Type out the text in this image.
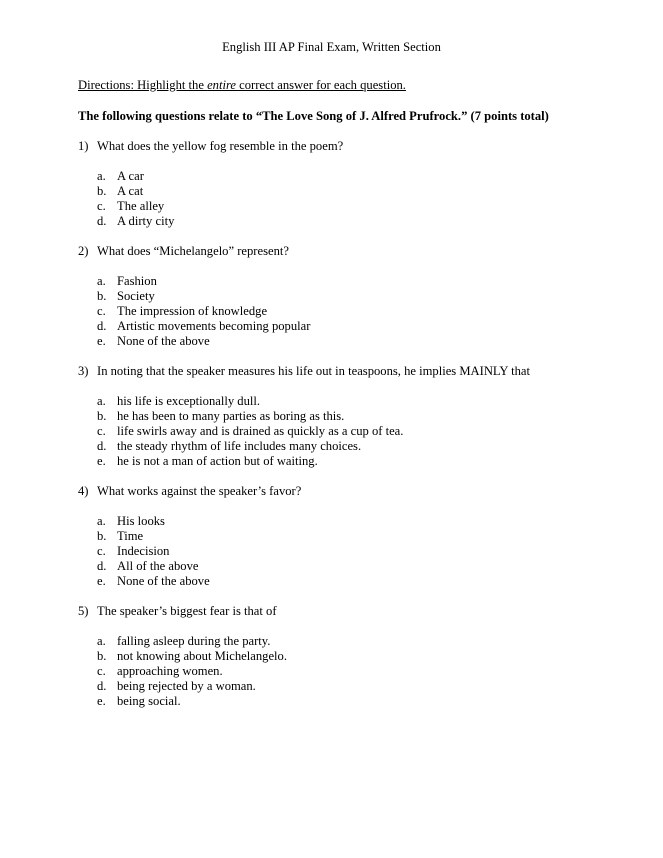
English III AP Final Exam, Written Section
Directions: Highlight the entire correct answer for each question.
The following questions relate to “The Love Song of J. Alfred Prufrock.” (7 points total)
1) What does the yellow fog resemble in the poem?
a. A car
b. A cat
c. The alley
d. A dirty city
2) What does “Michelangelo” represent?
a. Fashion
b. Society
c. The impression of knowledge
d. Artistic movements becoming popular
e. None of the above
3) In noting that the speaker measures his life out in teaspoons, he implies MAINLY that
a. his life is exceptionally dull.
b. he has been to many parties as boring as this.
c. life swirls away and is drained as quickly as a cup of tea.
d. the steady rhythm of life includes many choices.
e. he is not a man of action but of waiting.
4) What works against the speaker’s favor?
a. His looks
b. Time
c. Indecision
d. All of the above
e. None of the above
5) The speaker’s biggest fear is that of
a. falling asleep during the party.
b. not knowing about Michelangelo.
c. approaching women.
d. being rejected by a woman.
e. being social.
